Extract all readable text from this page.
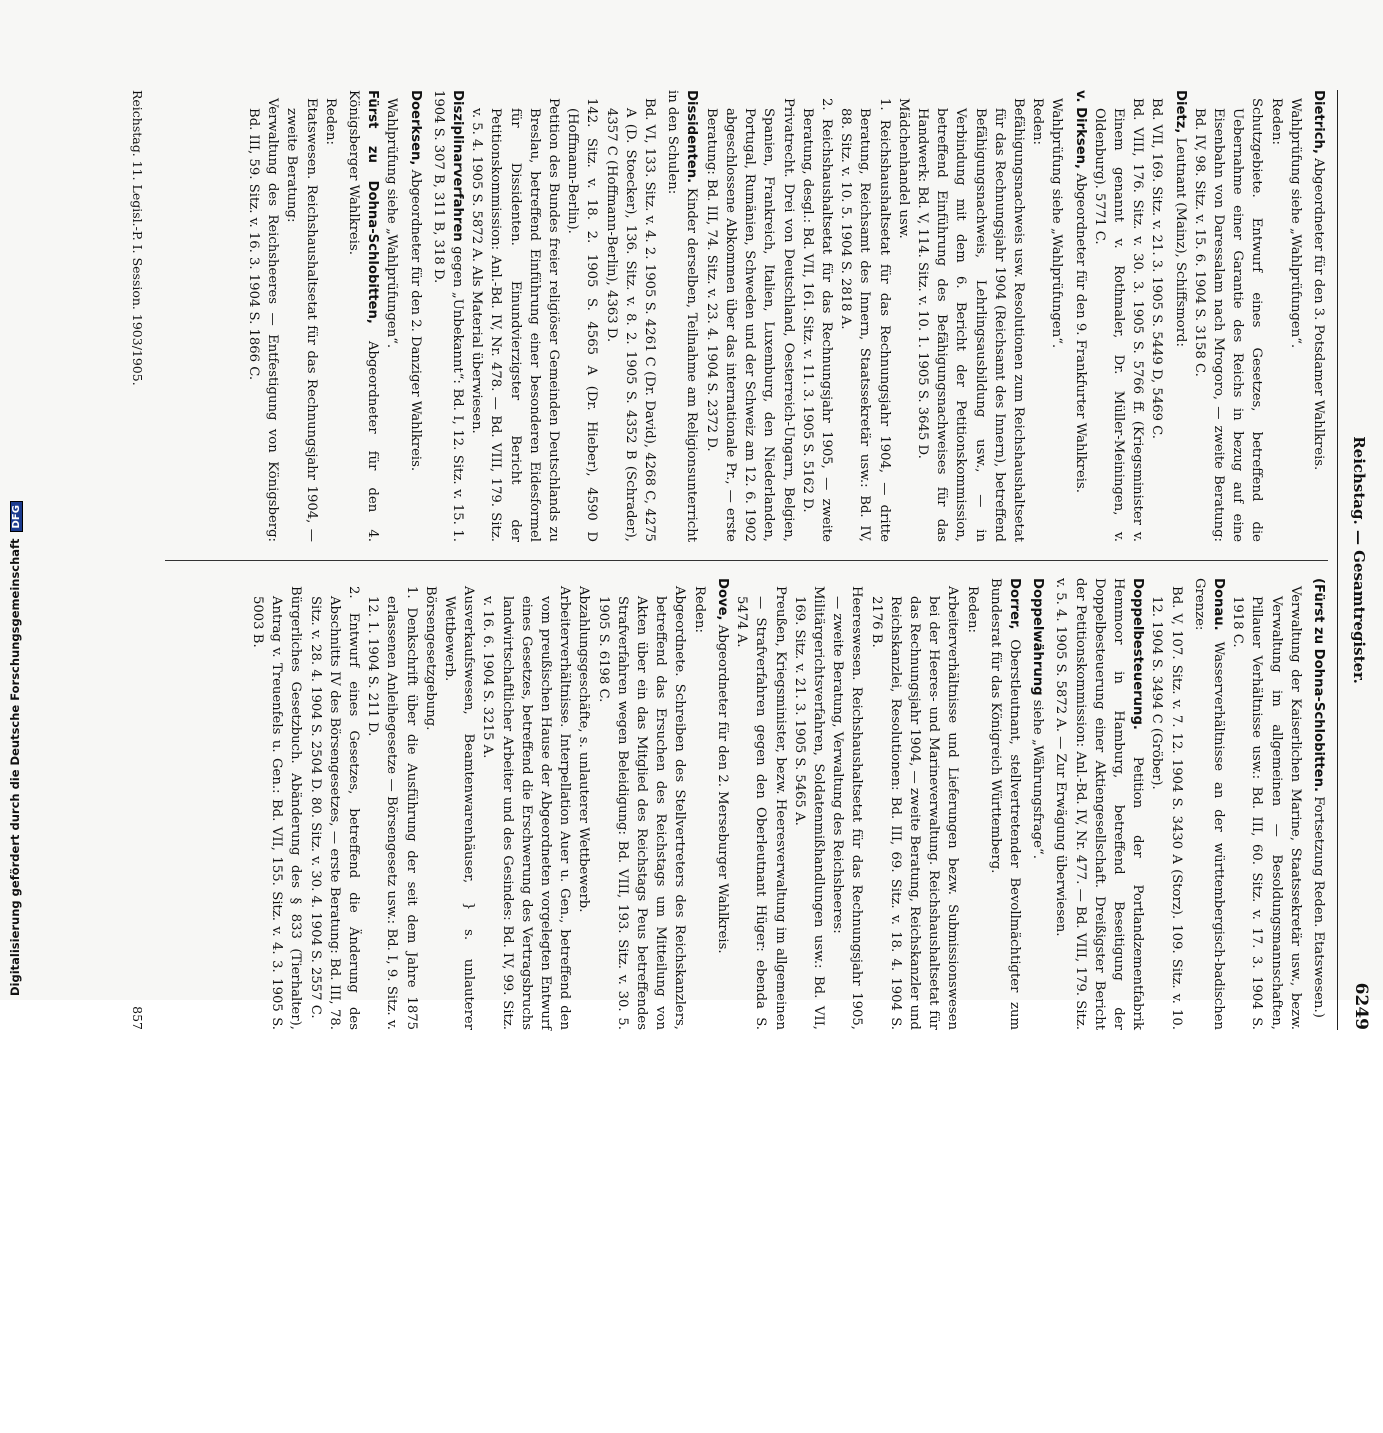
Reichstag. — Gesamtregister.
6249
Dietrich, Abgeordneter für den 3. Potsdamer Wahlkreis.
Wahlprüfung siehe „Wahlprüfungen“.
Reden:
Schutzgebiete. Entwurf eines Gesetzes, betreffend die Uebernahme einer Garantie des Reichs in bezug auf eine Eisenbahn von Daressalam nach Mrogoro, — zweite Beratung: Bd. IV, 98. Sitz. v. 15. 6. 1904 S. 3158 C.
Dietz, Leutnant (Mainz), Schiffsmord:
Bd. VII, 169. Sitz. v. 21. 3. 1905 S. 5449 D, 5469 C.
Bd. VIII, 176. Sitz. v. 30. 3. 1905 S. 5766 ff. (Kriegsminister v. Einem genannt v. Rothmaler, Dr. Müller-Meiningen, v. Oldenburg). 5771 C.
v. Dirksen, Abgeordneter für den 9. Frankfurter Wahlkreis.
Wahlprüfung siehe „Wahlprüfungen“.
Reden:
Befähigungsnachweis usw. Resolutionen zum Reichshaushaltsetat für das Rechnungsjahr 1904 (Reichsamt des Innern), betreffend Befähigungsnachweis, Lehrlingsausbildung usw., — in Verbindung mit dem 6. Bericht der Petitionskommission, betreffend Einführung des Befähigungsnachweises für das Handwerk: Bd. V, 114. Sitz. v. 10. 1. 1905 S. 3645 D.
Mädchenhandel usw.
1. Reichshaushaltsetat für das Rechnungsjahr 1904, — dritte Beratung, Reichsamt des Innern, Staatssekretär usw.: Bd. IV, 88. Sitz. v. 10. 5. 1904 S. 2818 A.
2. Reichshaushaltsetat für das Rechnungsjahr 1905, — zweite Beratung, desgl.: Bd. VII, 161. Sitz. v. 11. 3. 1905 S. 5162 D.
Privatrecht. Drei von Deutschland, Oesterreich-Ungarn, Belgien, Spanien, Frankreich, Italien, Luxemburg, den Niederlanden, Portugal, Rumänien, Schweden und der Schweiz am 12. 6. 1902 abgeschlossene Abkommen über das internationale Pr., — erste Beratung: Bd. III, 74. Sitz. v. 23. 4. 1904 S. 2372 D.
Dissidenten. Kinder derselben, Teilnahme am Religionsunterricht in den Schulen:
Bd. VI, 133. Sitz. v. 4. 2. 1905 S. 4261 C (Dr. David), 4268 C, 4275 A (D. Stoecker), 136. Sitz. v. 8. 2. 1905 S. 4352 B (Schrader), 4357 C (Hoffmann-Berlin), 4363 D.
142. Sitz. v. 18. 2. 1905 S. 4565 A (Dr. Hieber), 4590 D (Hoffmann-Berlin).
Petition des Bundes freier religiöser Gemeinden Deutschlands zu Breslau, betreffend Einführung einer besonderen Eidesformel für Dissidenten. Einundvierzigster Bericht der Petitionskommission: Anl.-Bd. IV, Nr. 478. — Bd. VIII, 179. Sitz. v. 5. 4. 1905 S. 5872 A. Als Material überwiesen.
Disziplinarverfahren gegen „Unbekannt“: Bd. I, 12. Sitz. v. 15. 1. 1904 S. 307 B, 311 B, 318 D.
Doerksen, Abgeordneter für den 2. Danziger Wahlkreis.
Wahlprüfung siehe „Wahlprüfungen“.
Fürst zu Dohna-Schlobitten, Abgeordneter für den 4. Königsberger Wahlkreis.
Reden:
Etatswesen. Reichshaushaltsetat für das Rechnungsjahr 1904, — zweite Beratung:
Verwaltung des Reichsheeres — Entfestigung von Königsberg: Bd. III, 59. Sitz. v. 16. 3. 1904 S. 1866 C.
(Fürst zu Dohna-Schlobitten. Fortsetzung Reden. Etatswesen.)
Verwaltung der Kaiserlichen Marine, Staatssekretär usw., bezw. Verwaltung im allgemeinen — Besoldungsmannschaften, Pillauer Verhältnisse usw.: Bd. III, 60. Sitz. v. 17. 3. 1904 S. 1918 C.
Donau. Wasserverhältnisse an der württembergisch-badischen Grenze:
Bd. V, 107. Sitz. v. 7. 12. 1904 S. 3430 A (Storz). 109. Sitz. v. 10. 12. 1904 S. 3494 C (Gröber).
Doppelbesteuerung. Petition der Portlandzementfabrik Hemmoor in Hamburg, betreffend Beseitigung der Doppelbesteuerung einer Aktiengesellschaft. Dreißigster Bericht der Petitionskommission: Anl.-Bd. IV, Nr. 477. — Bd. VIII, 179. Sitz. v. 5. 4. 1905 S. 5872 A. — Zur Erwägung überwiesen.
Doppelwährung siehe „Währungsfrage“.
Dorrer, Oberstleutnant, stellvertretender Bevollmächtigter zum Bundesrat für das Königreich Württemberg.
Reden:
Arbeiterverhältnisse und Lieferungen bezw. Submissionswesen bei der Heeres- und Marineverwaltung. Reichshaushaltsetat für das Rechnungsjahr 1904, — zweite Beratung, Reichskanzler und Reichskanzlei, Resolutionen: Bd. III, 69. Sitz. v. 18. 4. 1904 S. 2176 B.
Heereswesen. Reichshaushaltsetat für das Rechnungsjahr 1905, — zweite Beratung, Verwaltung des Reichsheeres:
Militärgerichtsverfahren, Soldatenmißhandlungen usw.: Bd. VII, 169. Sitz. v. 21. 3. 1905 S. 5465 A.
Preußen, Kriegsminister, bezw. Heeresverwaltung im allgemeinen — Strafverfahren gegen den Oberleutnant Hüger: ebenda S. 5474 A.
Dove, Abgeordneter für den 2. Merseburger Wahlkreis.
Reden:
Abgeordnete. Schreiben des Stellvertreters des Reichskanzlers, betreffend das Ersuchen des Reichstags um Mitteilung von Akten über ein das Mitglied des Reichstags Peus betreffendes Strafverfahren wegen Beleidigung: Bd. VIII, 193. Sitz. v. 30. 5. 1905 S. 6198 C.
Abzahlungsgeschäfte, s. unlauterer Wettbewerb.
Arbeiterverhältnisse. Interpellation Auer u. Gen., betreffend den vom preußischen Hause der Abgeordneten vorgelegten Entwurf eines Gesetzes, betreffend die Erschwerung des Vertragsbruchs landwirtschaftlicher Arbeiter und des Gesindes: Bd. IV, 99. Sitz. v. 16. 6. 1904 S. 3215 A.
Ausverkaufswesen, Beamtenwarenhäuser, } s. unlauterer Wettbewerb.
Börsengesetzgebung.
1. Denkschrift über die Ausführung der seit dem Jahre 1875 erlassenen Anleihegesetze — Börsengesetz usw.: Bd. I, 9. Sitz. v. 12. 1. 1904 S. 211 D.
2. Entwurf eines Gesetzes, betreffend die Änderung des Abschnitts IV des Börsengesetzes, — erste Beratung: Bd. III, 78. Sitz. v. 28. 4. 1904 S. 2504 D. 80. Sitz. v. 30. 4. 1904 S. 2557 C.
Bürgerliches Gesetzbuch. Abänderung des § 833 (Tierhalter), Antrag v. Treuenfels u. Gen.: Bd. VII, 155. Sitz. v. 4. 3. 1905 S. 5003 B.
Reichstag. 11. Legisl.-P. I. Session. 1903/1905.
857
Digitalisierung gefördert durch die Deutsche ForschungsgemeinschaftDFG
